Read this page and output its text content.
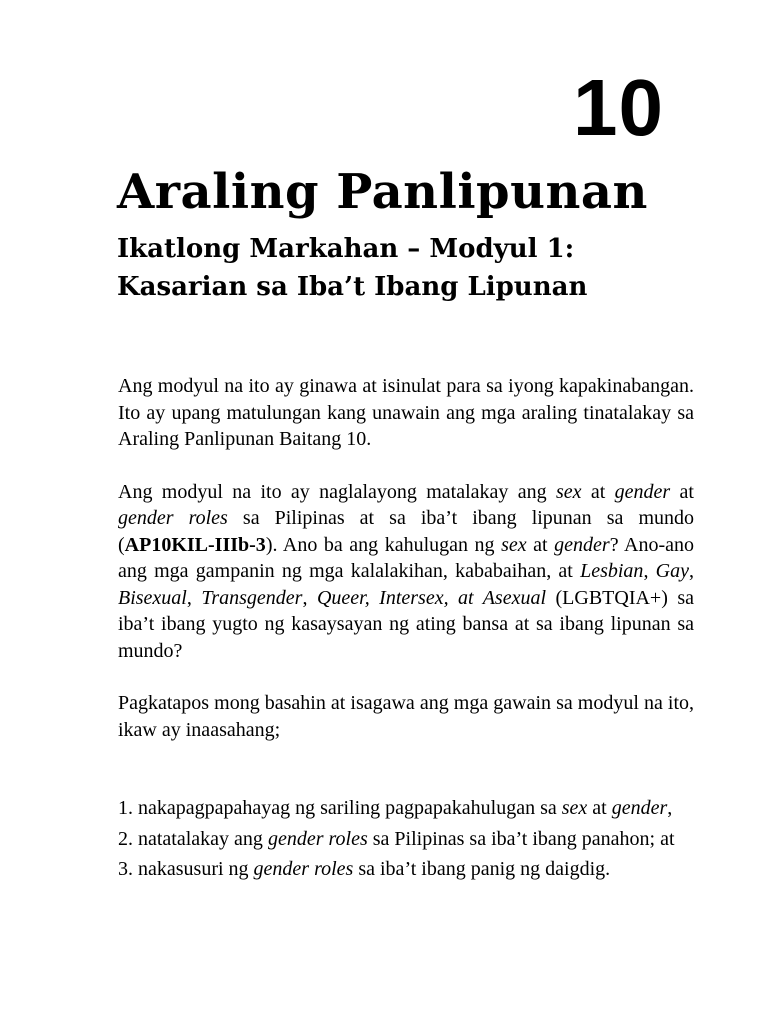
10
Araling Panlipunan
Ikatlong Markahan – Modyul 1:
Kasarian sa Iba’t Ibang Lipunan

Ang modyul na ito ay ginawa at isinulat para sa iyong kapakinabangan. Ito ay upang matulungan kang unawain ang mga araling tinatalakay sa Araling Panlipunan Baitang 10.

Ang modyul na ito ay naglalayong matalakay ang sex at gender at gender roles sa Pilipinas at sa iba’t ibang lipunan sa mundo (AP10KIL-IIIb-3). Ano ba ang kahulugan ng sex at gender? Ano-ano ang mga gampanin ng mga kalalakihan, kababaihan, at Lesbian, Gay, Bisexual, Transgender, Queer, Intersex, at Asexual (LGBTQIA+) sa iba’t ibang yugto ng kasaysayan ng ating bansa at sa ibang lipunan sa mundo?

Pagkatapos mong basahin at isagawa ang mga gawain sa modyul na ito, ikaw ay inaasahang;

1. nakapagpapahayag ng sariling pagpapakahulugan sa sex at gender,

2. natatalakay ang gender roles sa Pilipinas sa iba’t ibang panahon; at

3. nakasusuri ng gender roles sa iba’t ibang panig ng daigdig.
